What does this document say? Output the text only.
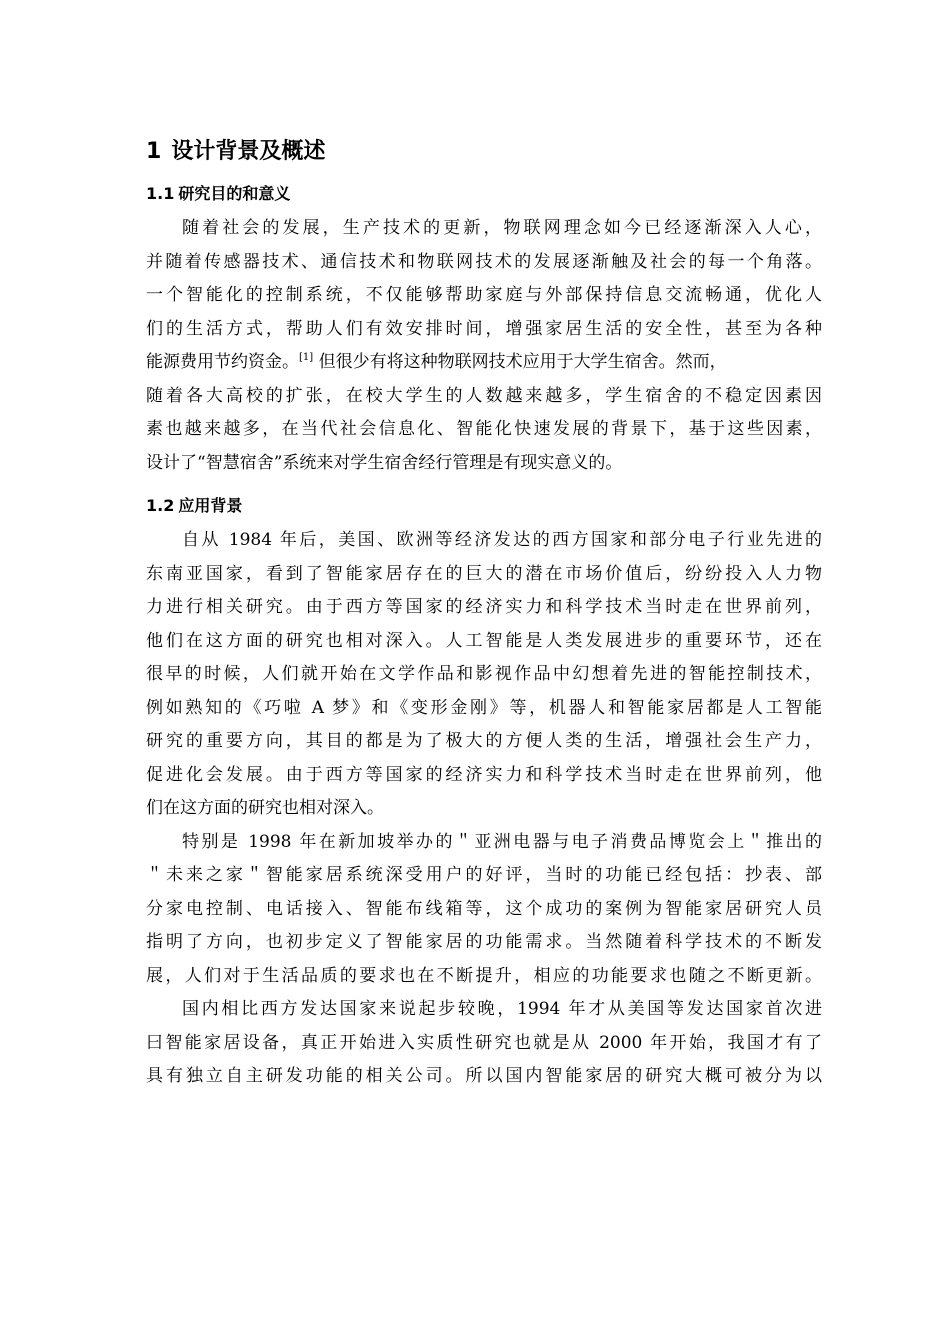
1 设计背景及概述
1.1 研究目的和意义
随着社会的发展，生产技术的更新，物联网理念如今已经逐渐深入人心，
并随着传感器技术、通信技术和物联网技术的发展逐渐触及社会的每一个角落。
一个智能化的控制系统，不仅能够帮助家庭与外部保持信息交流畅通，优化人
们的生活方式，帮助人们有效安排时间，增强家居生活的安全性，甚至为各种
能源费用节约资金。[1] 但很少有将这种物联网技术应用于大学生宿舍。然而，
随着各大高校的扩张，在校大学生的人数越来越多，学生宿舍的不稳定因素因
素也越来越多，在当代社会信息化、智能化快速发展的背景下，基于这些因素，
设计了“智慧宿舍”系统来对学生宿舍经行管理是有现实意义的。
1.2 应用背景
自从 1984 年后，美国、欧洲等经济发达的西方国家和部分电子行业先进的
东南亚国家，看到了智能家居存在的巨大的潜在市场价值后，纷纷投入人力物
力进行相关研究。由于西方等国家的经济实力和科学技术当时走在世界前列，
他们在这方面的研究也相对深入。人工智能是人类发展进步的重要环节，还在
很早的时候，人们就开始在文学作品和影视作品中幻想着先进的智能控制技术，
例如熟知的《巧啦 A 梦》和《变形金刚》等，机器人和智能家居都是人工智能
研究的重要方向，其目的都是为了极大的方便人类的生活，增强社会生产力，
促进化会发展。由于西方等国家的经济实力和科学技术当时走在世界前列，他
们在这方面的研究也相对深入。
特别是 1998 年在新加坡举办的＂亚洲电器与电子消费品博览会上＂推出的
＂未来之家＂智能家居系统深受用户的好评，当时的功能已经包括：抄表、部
分家电控制、电话接入、智能布线箱等，这个成功的案例为智能家居研究人员
指明了方向，也初步定义了智能家居的功能需求。当然随着科学技术的不断发
展，人们对于生活品质的要求也在不断提升，相应的功能要求也随之不断更新。
国内相比西方发达国家来说起步较晚，1994 年才从美国等发达国家首次进
曰智能家居设备，真正开始进入实质性研究也就是从 2000 年开始，我国才有了
具有独立自主研发功能的相关公司。所以国内智能家居的研究大概可被分为以
